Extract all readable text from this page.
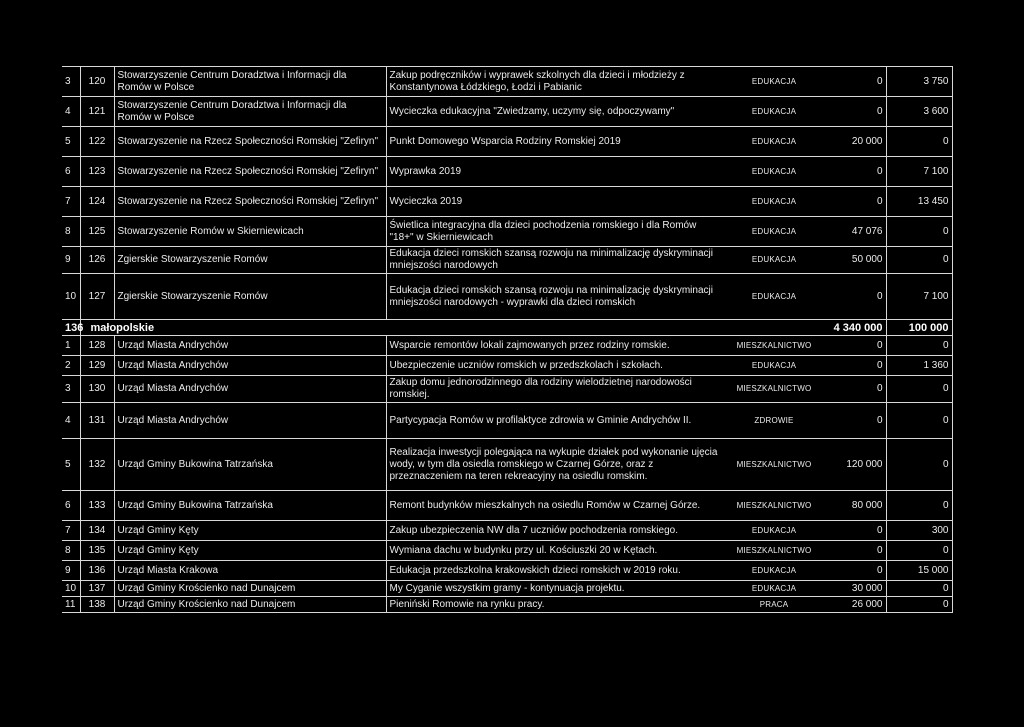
3	120	Stowarzyszenie Centrum Doradztwa i Informacji dla Romów w Polsce	Zakup podręczników i wyprawek szkolnych dla dzieci i młodzieży z Konstantynowa Łódzkiego, Łodzi i Pabianic	EDUKACJA	0	3 750
4	121	Stowarzyszenie Centrum Doradztwa i Informacji dla Romów w Polsce	Wycieczka edukacyjna "Zwiedzamy, uczymy się, odpoczywamy"	EDUKACJA	0	3 600
5	122	Stowarzyszenie na Rzecz Społeczności Romskiej "Zefiryn"	Punkt Domowego Wsparcia Rodziny Romskiej 2019	EDUKACJA	20 000	0
6	123	Stowarzyszenie na Rzecz Społeczności Romskiej "Zefiryn"	Wyprawka 2019	EDUKACJA	0	7 100
7	124	Stowarzyszenie na Rzecz Społeczności Romskiej "Zefiryn"	Wycieczka 2019	EDUKACJA	0	13 450
8	125	Stowarzyszenie Romów w Skierniewicach	Świetlica integracyjna dla dzieci pochodzenia romskiego i dla Romów "18+" w Skierniewicach	EDUKACJA	47 076	0
9	126	Zgierskie Stowarzyszenie Romów	Edukacja dzieci romskich szansą rozwoju na minimalizację dyskryminacji mniejszości narodowych	EDUKACJA	50 000	0
10	127	Zgierskie Stowarzyszenie Romów	Edukacja dzieci romskich szansą rozwoju na minimalizację dyskryminacji mniejszości narodowych - wyprawki dla dzieci romskich	EDUKACJA	0	7 100
136	małopolskie				4 340 000	100 000
1	128	Urząd Miasta Andrychów	Wsparcie remontów lokali zajmowanych przez rodziny romskie.	MIESZKALNICTWO	0	0
2	129	Urząd Miasta Andrychów	Ubezpieczenie uczniów romskich w przedszkolach i szkołach.	EDUKACJA	0	1 360
3	130	Urząd Miasta Andrychów	Zakup domu jednorodzinnego dla rodziny wielodzietnej narodowości romskiej.	MIESZKALNICTWO	0	0
4	131	Urząd Miasta Andrychów	Partycypacja Romów w profilaktyce zdrowia w Gminie Andrychów II.	ZDROWIE	0	0
5	132	Urząd Gminy Bukowina Tatrzańska	Realizacja inwestycji polegająca na wykupie działek pod wykonanie ujęcia wody, w tym dla osiedla romskiego w Czarnej Górze, oraz z przeznaczeniem na teren rekreacyjny na osiedlu romskim.	MIESZKALNICTWO	120 000	0
6	133	Urząd Gminy Bukowina Tatrzańska	Remont budynków mieszkalnych na osiedlu Romów w Czarnej Górze.	MIESZKALNICTWO	80 000	0
7	134	Urząd Gminy Kęty	Zakup ubezpieczenia NW dla 7 uczniów pochodzenia romskiego.	EDUKACJA	0	300
8	135	Urząd Gminy Kęty	Wymiana dachu w budynku przy ul. Kościuszki 20 w Kętach.	MIESZKALNICTWO	0	0
9	136	Urząd Miasta Krakowa	Edukacja przedszkolna krakowskich dzieci romskich w 2019 roku.	EDUKACJA	0	15 000
10	137	Urząd Gminy Krościenko nad Dunajcem	My Cyganie wszystkim gramy - kontynuacja projektu.	EDUKACJA	30 000	0
11	138	Urząd Gminy Krościenko nad Dunajcem	Pieniński Romowie na rynku pracy.	PRACA	26 000	0
